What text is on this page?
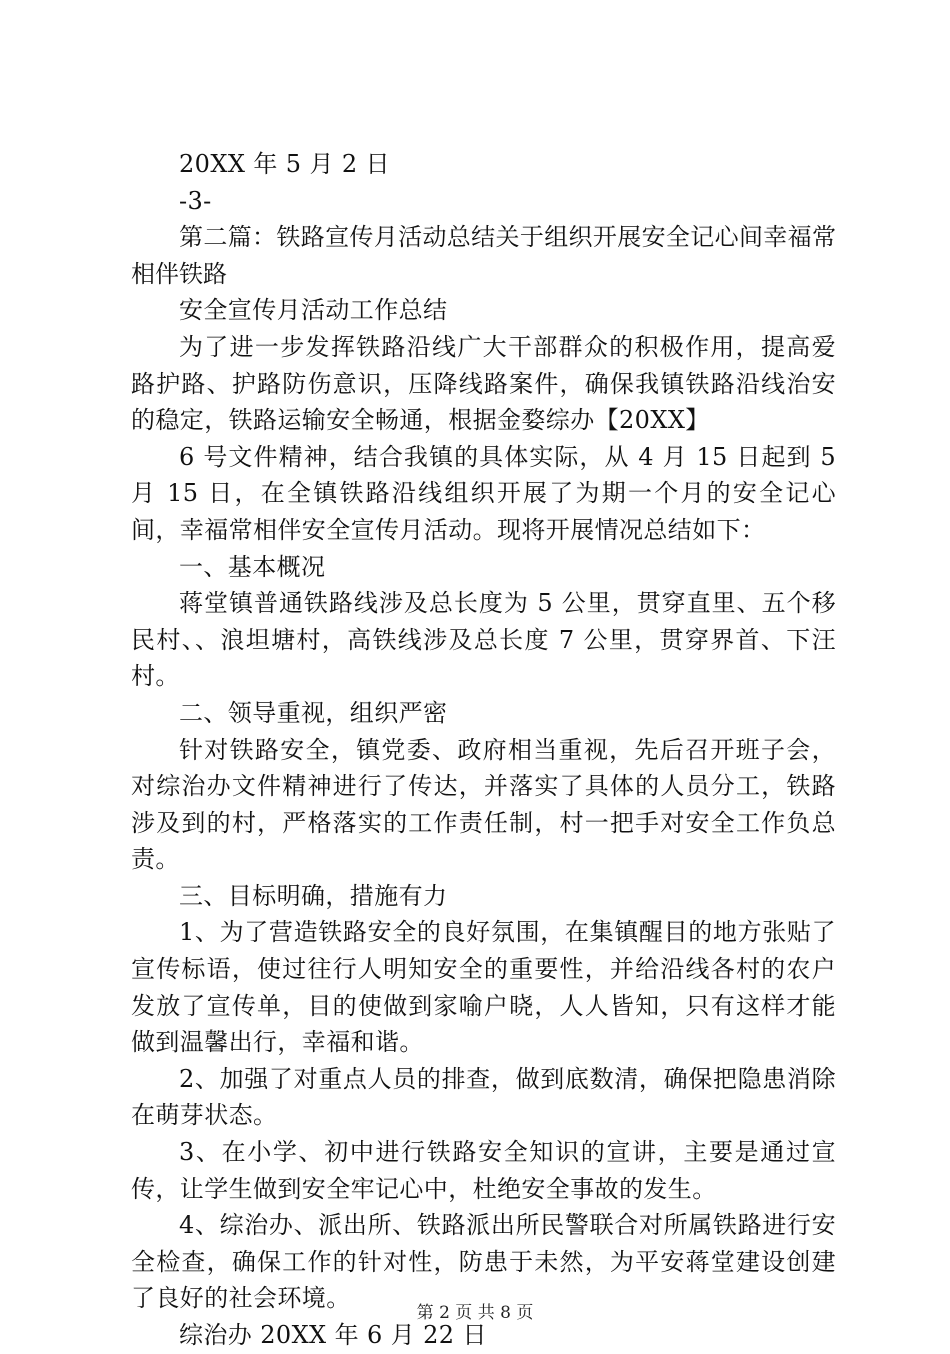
20XX 年 5 月 2 日

-3-

第二篇：铁路宣传月活动总结关于组织开展安全记心间幸福常相伴铁路

安全宣传月活动工作总结

为了进一步发挥铁路沿线广大干部群众的积极作用，提高爱路护路、护路防伤意识，压降线路案件，确保我镇铁路沿线治安的稳定，铁路运输安全畅通，根据金婺综办【20XX】

6 号文件精神，结合我镇的具体实际，从 4 月 15 日起到 5 月 15 日，在全镇铁路沿线组织开展了为期一个月的安全记心间，幸福常相伴安全宣传月活动。现将开展情况总结如下：

一、基本概况

蒋堂镇普通铁路线涉及总长度为 5 公里，贯穿直里、五个移民村、、浪坦塘村，高铁线涉及总长度 7 公里，贯穿界首、下汪村。

二、领导重视，组织严密

针对铁路安全，镇党委、政府相当重视，先后召开班子会，对综治办文件精神进行了传达，并落实了具体的人员分工，铁路涉及到的村，严格落实的工作责任制，村一把手对安全工作负总责。

三、目标明确，措施有力

1、为了营造铁路安全的良好氛围，在集镇醒目的地方张贴了宣传标语，使过往行人明知安全的重要性，并给沿线各村的农户发放了宣传单，目的使做到家喻户晓，人人皆知，只有这样才能做到温馨出行，幸福和谐。

2、加强了对重点人员的排查，做到底数清，确保把隐患消除在萌芽状态。

3、在小学、初中进行铁路安全知识的宣讲，主要是通过宣传，让学生做到安全牢记心中，杜绝安全事故的发生。

4、综治办、派出所、铁路派出所民警联合对所属铁路进行安全检查，确保工作的针对性，防患于未然，为平安蒋堂建设创建了良好的社会环境。

综治办 20XX 年 6 月 22 日

第 2 页 共 8 页
